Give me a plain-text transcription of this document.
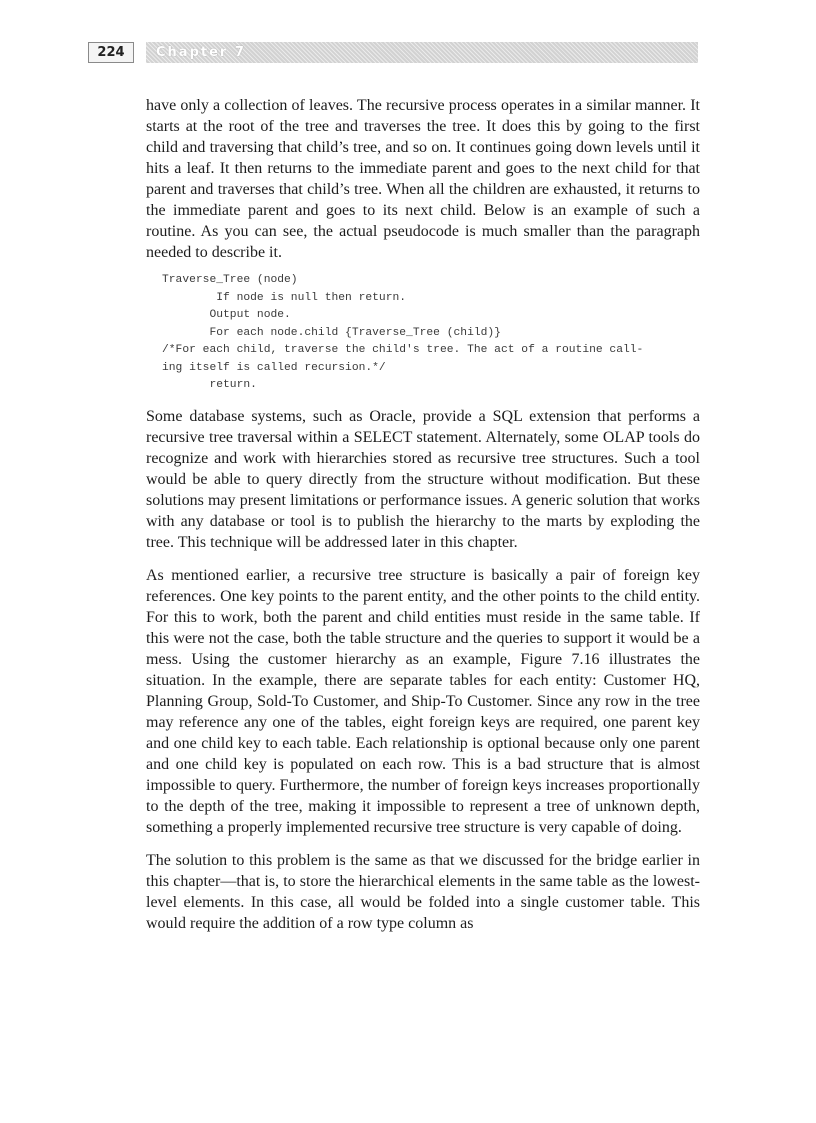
224	Chapter 7

have only a collection of leaves. The recursive process operates in a similar manner. It starts at the root of the tree and traverses the tree. It does this by going to the first child and traversing that child’s tree, and so on. It continues going down levels until it hits a leaf. It then returns to the immediate parent and goes to the next child for that parent and traverses that child’s tree. When all the children are exhausted, it returns to the immediate parent and goes to its next child. Below is an example of such a routine. As you can see, the actual pseudocode is much smaller than the paragraph needed to describe it.

Traverse_Tree (node)
If node is null then return.
Output node.
For each node.child {Traverse_Tree (child)}
/*For each child, traverse the child's tree. The act of a routine call-
ing itself is called recursion.*/
return.

Some database systems, such as Oracle, provide a SQL extension that performs a recursive tree traversal within a SELECT statement. Alternately, some OLAP tools do recognize and work with hierarchies stored as recursive tree structures. Such a tool would be able to query directly from the structure without modification. But these solutions may present limitations or performance issues. A generic solution that works with any database or tool is to publish the hierarchy to the marts by exploding the tree. This technique will be addressed later in this chapter.

As mentioned earlier, a recursive tree structure is basically a pair of foreign key references. One key points to the parent entity, and the other points to the child entity. For this to work, both the parent and child entities must reside in the same table. If this were not the case, both the table structure and the queries to support it would be a mess. Using the customer hierarchy as an example, Figure 7.16 illustrates the situation. In the example, there are separate tables for each entity: Customer HQ, Planning Group, Sold-To Customer, and Ship-To Customer. Since any row in the tree may reference any one of the tables, eight foreign keys are required, one parent key and one child key to each table. Each relationship is optional because only one parent and one child key is populated on each row. This is a bad structure that is almost impossible to query. Furthermore, the number of foreign keys increases proportionally to the depth of the tree, making it impossible to represent a tree of unknown depth, something a properly implemented recursive tree structure is very capable of doing.

The solution to this problem is the same as that we discussed for the bridge earlier in this chapter—that is, to store the hierarchical elements in the same table as the lowest-level elements. In this case, all would be folded into a single customer table. This would require the addition of a row type column as
